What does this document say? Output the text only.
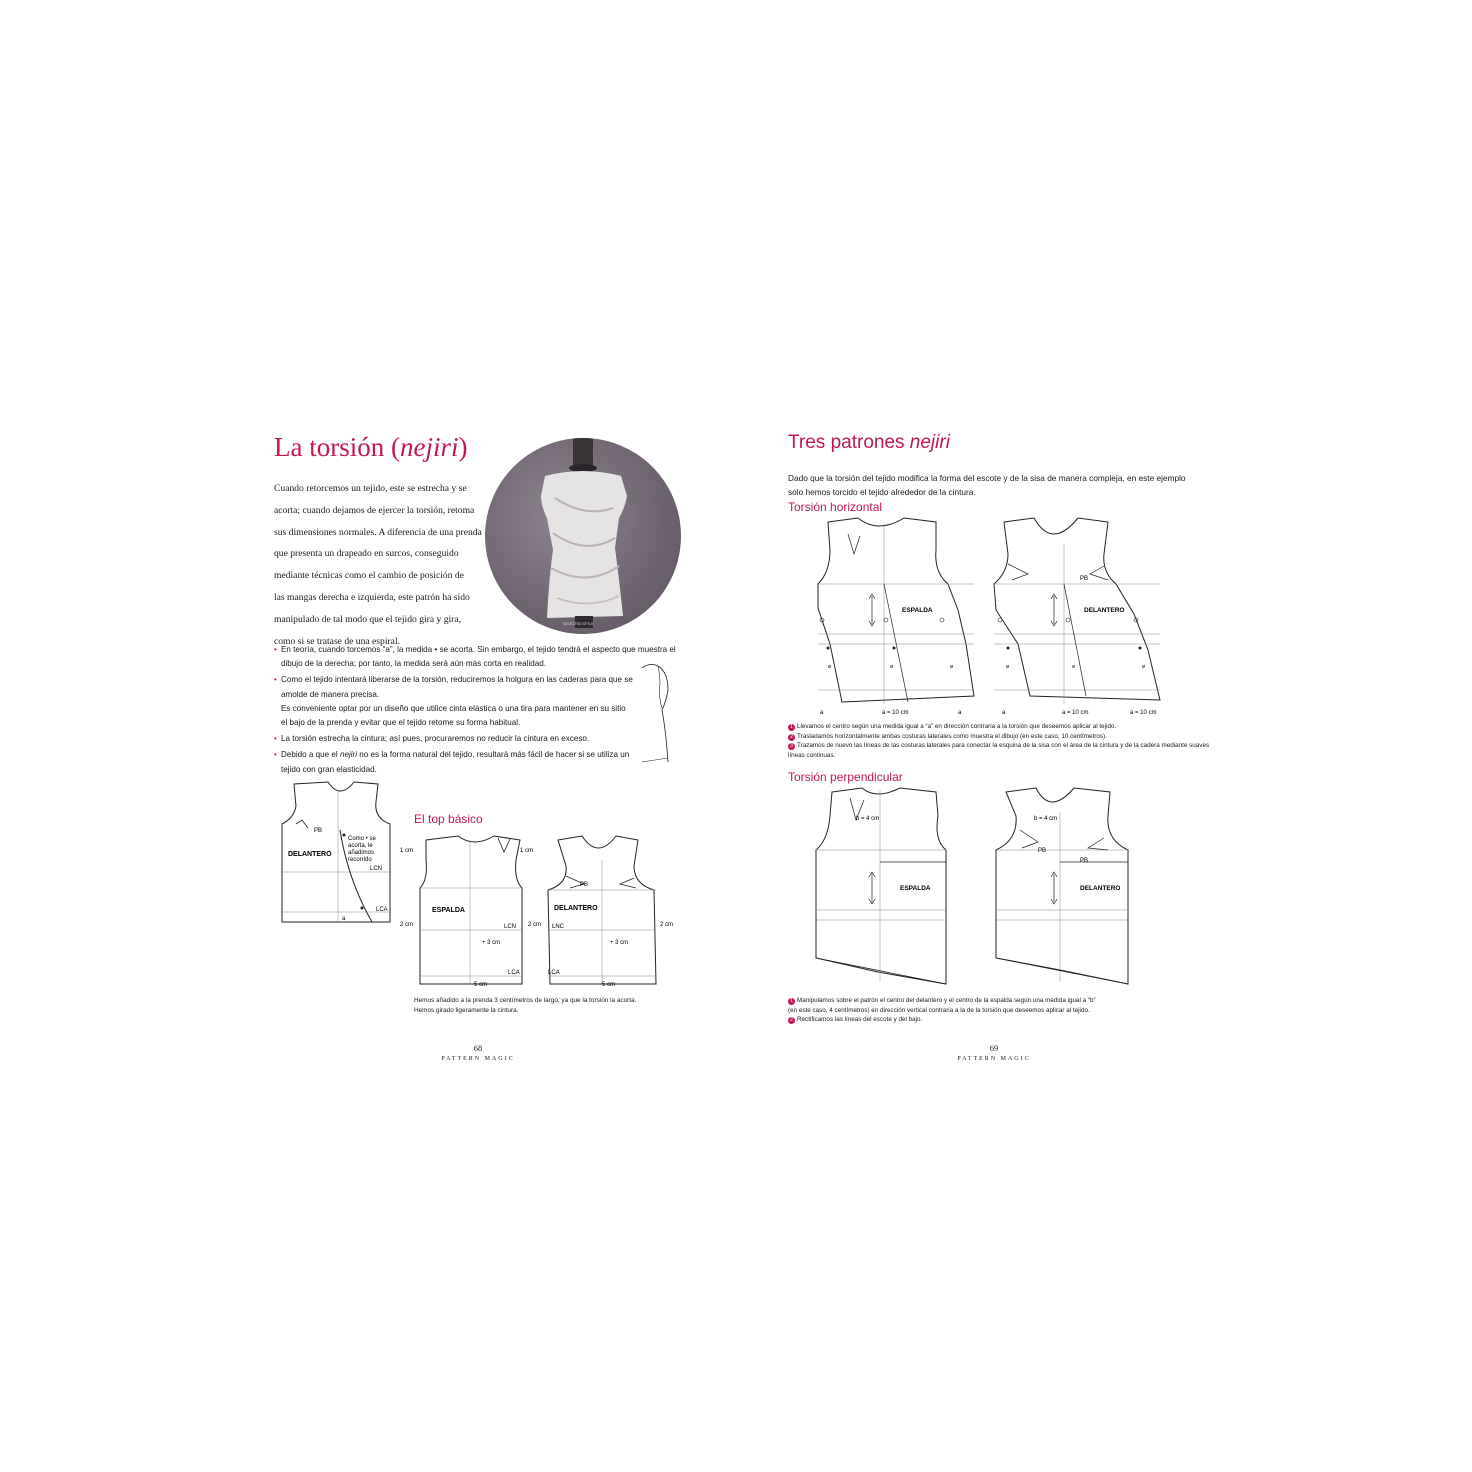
La torsión (nejiri)
Cuando retorcemos un tejido, este se estrecha y se
acorta; cuando dejamos de ejercer la torsión, retoma
sus dimensiones normales. A diferencia de una prenda
que presenta un drapeado en surcos, conseguido
mediante técnicas como el cambio de posición de
las mangas derecha e izquierda, este patrón ha sido
manipulado de tal modo que el tejido gira y gira,
como si se tratase de una espiral.
SELECTED STYLE
• En teoría, cuando torcemos “a”, la medida • se acorta. Sin embargo, el tejido tendrá el aspecto que muestra el
dibujo de la derecha; por tanto, la medida será aún más corta en realidad.
• Como el tejido intentará liberarse de la torsión, reduciremos la holgura en las caderas para que se
amolde de manera precisa.
Es conveniente optar por un diseño que utilice cinta elástica o una tira para mantener en su sitio
el bajo de la prenda y evitar que el tejido retome su forma habitual.
• La torsión estrecha la cintura; así pues, procuraremos no reducir la cintura en exceso.
• Debido a que el nejiri no es la forma natural del tejido, resultará más fácil de hacer si se utiliza un
tejido con gran elasticidad.
PB
DELANTERO
Como • se
acorta, le
añadimos
recorrido
LCN
LCA
a
El top básico
1 cm	1 cm
ESPALDA	DELANTERO
PB
2 cm	2 cm	2 cm
LCN	LNC
+ 3 cm	+ 3 cm
LCA	LCA
5 cm	5 cm
Hemos añadido a la prenda 3 centímetros de largo, ya que la torsión la acorta.
Hemos girado ligeramente la cintura.
68
PATTERN MAGIC
Tres patrones nejiri
Dado que la torsión del tejido modifica la forma del escote y de la sisa de manera compleja, en este ejemplo
solo hemos torcido el tejido alrededor de la cintura.
Torsión horizontal
ESPALDA	DELANTERO
PB
a = 10 cm	a = 10 cm	a = 10 cm
a	a	a
ø	ø	ø	ø	ø	ø
1 Llevamos el centro según una medida igual a “a” en dirección contraria a la torsión que deseemos aplicar al tejido.
2 Trasladamos horizontalmente ambas costuras laterales como muestra el dibujo (en este caso, 10 centímetros).
3 Trazamos de nuevo las líneas de las costuras laterales para conectar la esquina de la sisa con el área de la cintura y de la cadera mediante suaves
líneas continuas.
Torsión perpendicular
b = 4 cm	b = 4 cm
ESPALDA	DELANTERO
PB
PB
1 Manipulamos sobre el patrón el centro del delantero y el centro de la espalda según una medida igual a “b”
(en este caso, 4 centímetros) en dirección vertical contraria a la de la torsión que deseemos aplicar al tejido.
2 Rectificamos las líneas del escote y del bajo.
69
PATTERN MAGIC
